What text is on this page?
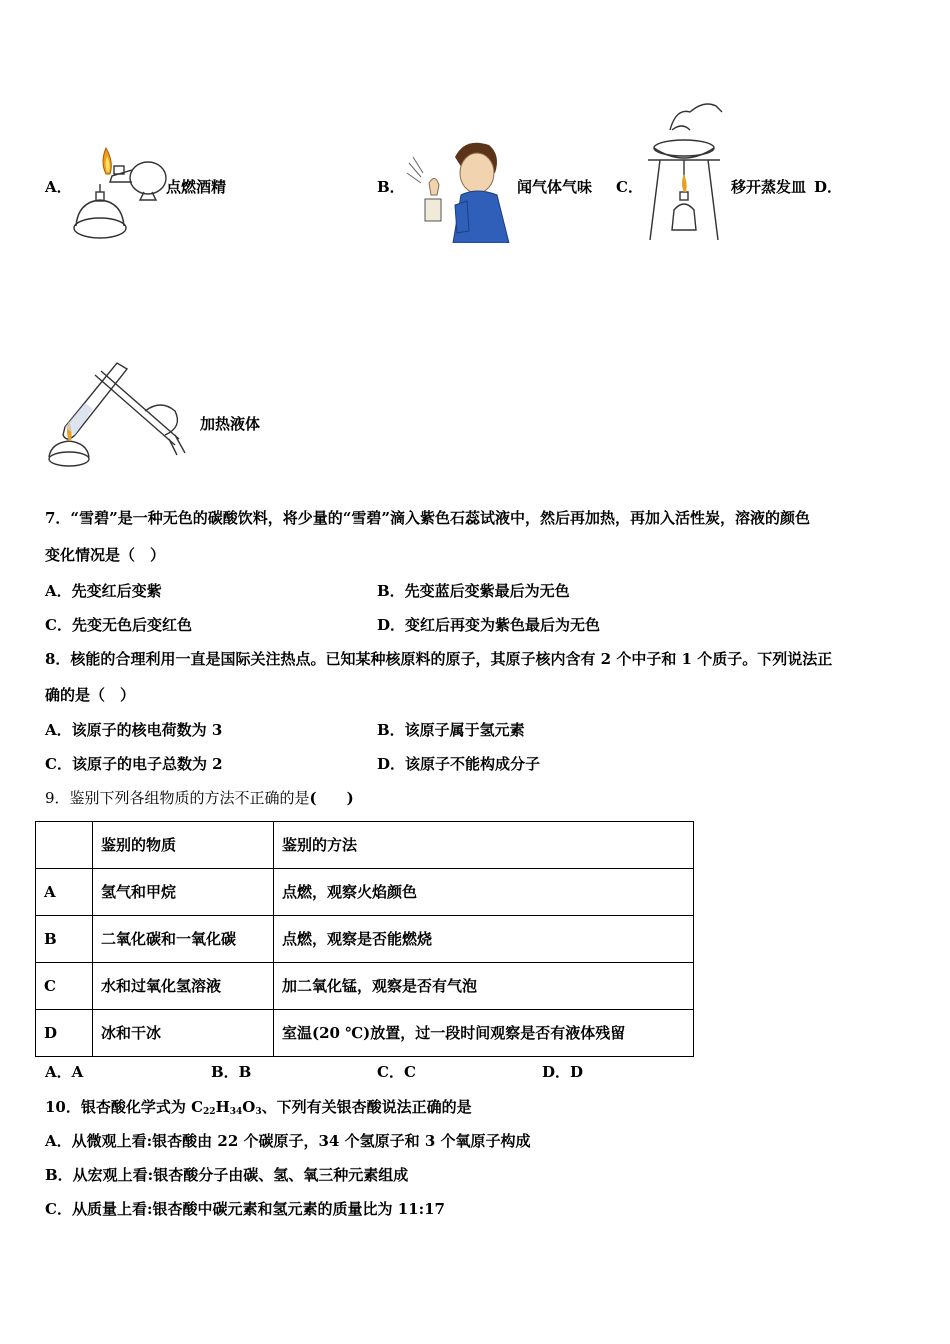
A．	点燃酒精	B．	闻气体气味 C．	移开蒸发皿 D．
加热液体
7．“雪碧”是一种无色的碳酸饮料，将少量的“雪碧”滴入紫色石蕊试液中，然后再加热，再加入活性炭，溶液的颜色
变化情况是（　）
A．先变红后变紫	B．先变蓝后变紫最后为无色
C．先变无色后变红色	D．变红后再变为紫色最后为无色
8．核能的合理利用一直是国际关注热点。已知某种核原料的原子，其原子核内含有 2 个中子和 1 个质子。下列说法正
确的是（　）
A．该原子的核电荷数为 3	B．该原子属于氢元素
C．该原子的电子总数为 2	D．该原子不能构成分子
9．鉴别下列各组物质的方法不正确的是(　　)
	鉴别的物质	鉴别的方法
A	氢气和甲烷	点燃，观察火焰颜色
B	二氧化碳和一氧化碳	点燃，观察是否能燃烧
C	水和过氧化氢溶液	加二氧化锰，观察是否有气泡
D	冰和干冰	室温(20 ℃)放置，过一段时间观察是否有液体残留
A．A	B．B	C．C	D．D
10．银杏酸化学式为 $C_{22}H_{34}O_3$、下列有关银杏酸说法正确的是
A．从微观上看:银杏酸由 22 个碳原子，34 个氢原子和 3 个氧原子构成
B．从宏观上看:银杏酸分子由碳、氢、氧三种元素组成
C．从质量上看:银杏酸中碳元素和氢元素的质量比为 11:17
